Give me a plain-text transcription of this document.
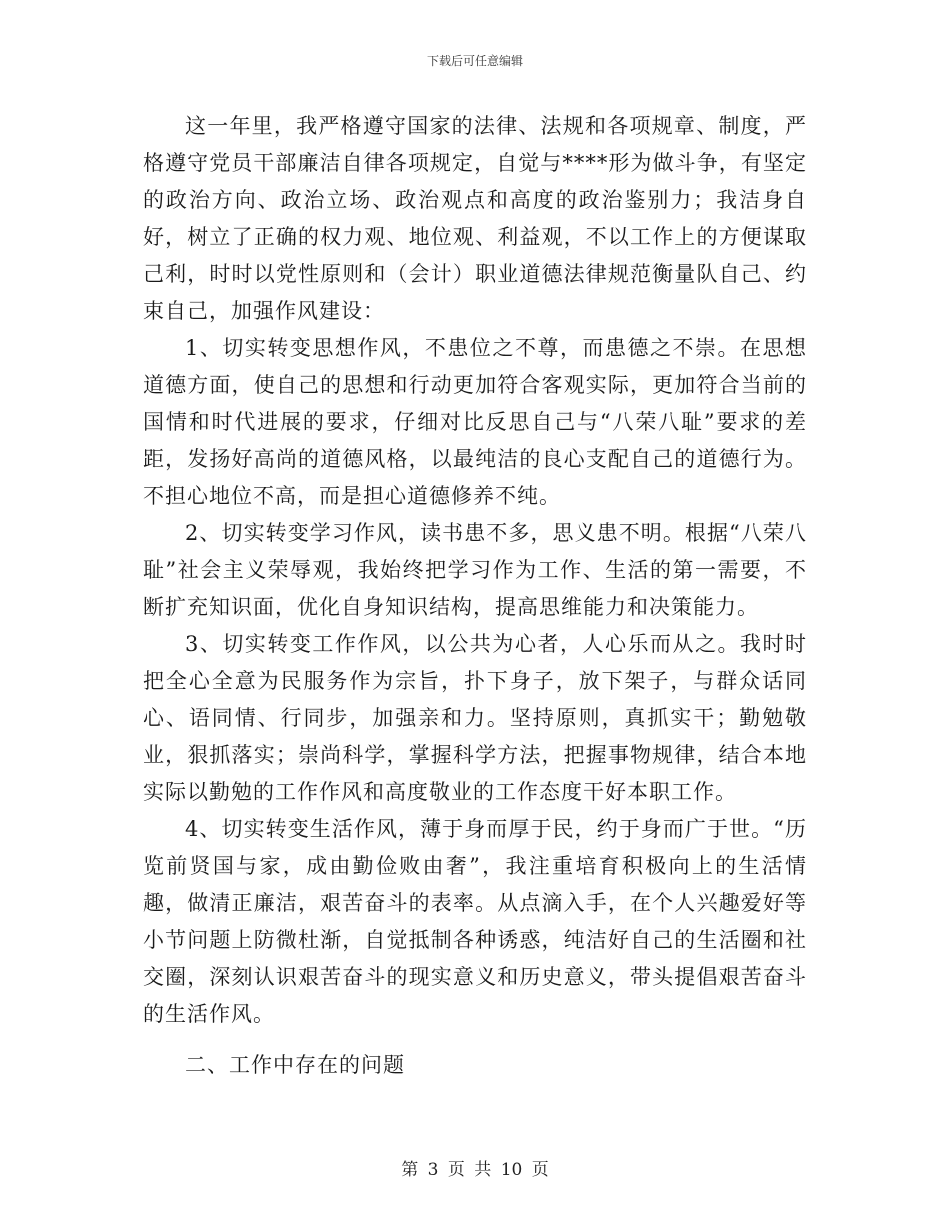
下载后可任意编辑

这一年里，我严格遵守国家的法律、法规和各项规章、制度，严格遵守党员干部廉洁自律各项规定，自觉与****形为做斗争，有坚定的政治方向、政治立场、政治观点和高度的政治鉴别力；我洁身自好，树立了正确的权力观、地位观、利益观，不以工作上的方便谋取己利，时时以党性原则和（会计）职业道德法律规范衡量队自己、约束自己，加强作风建设：

1、切实转变思想作风，不患位之不尊，而患德之不崇。在思想道德方面，使自己的思想和行动更加符合客观实际，更加符合当前的国情和时代进展的要求，仔细对比反思自己与“八荣八耻”要求的差距，发扬好高尚的道德风格，以最纯洁的良心支配自己的道德行为。不担心地位不高，而是担心道德修养不纯。

2、切实转变学习作风，读书患不多，思义患不明。根据“八荣八耻”社会主义荣辱观，我始终把学习作为工作、生活的第一需要，不断扩充知识面，优化自身知识结构，提高思维能力和决策能力。

3、切实转变工作作风，以公共为心者，人心乐而从之。我时时把全心全意为民服务作为宗旨，扑下身子，放下架子，与群众话同心、语同情、行同步，加强亲和力。坚持原则，真抓实干；勤勉敬业，狠抓落实；崇尚科学，掌握科学方法，把握事物规律，结合本地实际以勤勉的工作作风和高度敬业的工作态度干好本职工作。

4、切实转变生活作风，薄于身而厚于民，约于身而广于世。“历览前贤国与家，成由勤俭败由奢”，我注重培育积极向上的生活情趣，做清正廉洁，艰苦奋斗的表率。从点滴入手，在个人兴趣爱好等小节问题上防微杜渐，自觉抵制各种诱惑，纯洁好自己的生活圈和社交圈，深刻认识艰苦奋斗的现实意义和历史意义，带头提倡艰苦奋斗的生活作风。

二、工作中存在的问题

第 3 页 共 10 页
